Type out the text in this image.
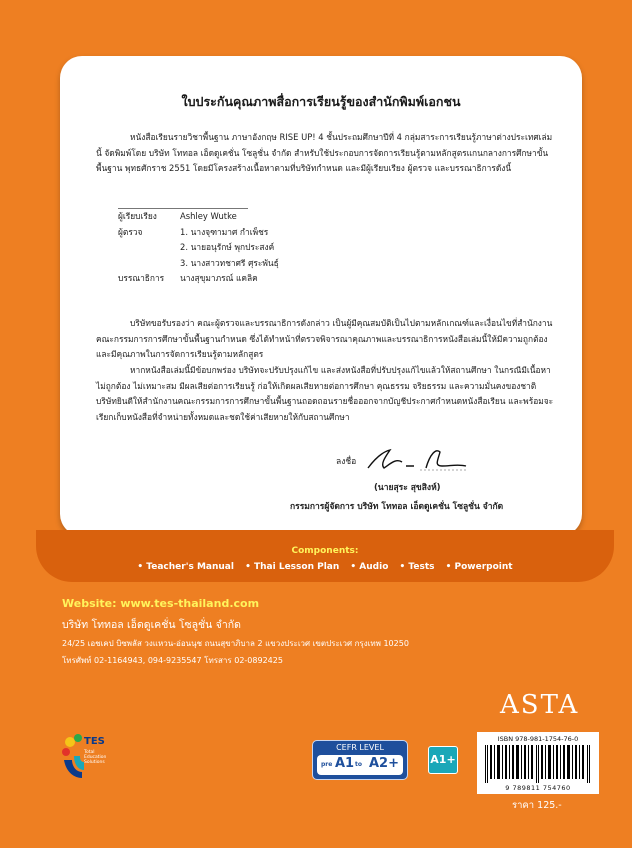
ใบประกันคุณภาพสื่อการเรียนรู้ของสำนักพิมพ์เอกชน
หนังสือเรียนรายวิชาพื้นฐาน ภาษาอังกฤษ RISE UP! 4 ชั้นประถมศึกษาปีที่ 4 กลุ่มสาระการเรียนรู้ภาษาต่างประเทศเล่มนี้ จัดพิมพ์โดย บริษัท โททอล เอ็ดดูเคชั่น โซลูชั่น จำกัด สำหรับใช้ประกอบการจัดการเรียนรู้ตามหลักสูตรแกนกลางการศึกษาขั้นพื้นฐาน พุทธศักราช 2551 โดยมีโครงสร้างเนื้อหาตามที่บริษัทกำหนด และมีผู้เรียบเรียง ผู้ตรวจ และบรรณาธิการดังนี้
ผู้เรียบเรียง	Ashley Wutke
ผู้ตรวจ	1. นางจุฑามาศ กำเพ็ชร
2. นายอนุรักษ์ พุกประสงค์
3. นางสาวทชาศรี ศุระพันธุ์
บรรณาธิการ	นางสุขุมาภรณ์ แคลิค
บริษัทขอรับรองว่า คณะผู้ตรวจและบรรณาธิการดังกล่าว เป็นผู้มีคุณสมบัติเป็นไปตามหลักเกณฑ์และเงื่อนไขที่สำนักงานคณะกรรมการการศึกษาขั้นพื้นฐานกำหนด ซึ่งได้ทำหน้าที่ตรวจพิจารณาคุณภาพและบรรณาธิการหนังสือเล่มนี้ให้มีความถูกต้องและมีคุณภาพในการจัดการเรียนรู้ตามหลักสูตร
หากหนังสือเล่มนี้มีข้อบกพร่อง บริษัทจะปรับปรุงแก้ไข และส่งหนังสือที่ปรับปรุงแก้ไขแล้วให้สถานศึกษา ในกรณีมีเนื้อหาไม่ถูกต้อง ไม่เหมาะสม มีผลเสียต่อการเรียนรู้ ก่อให้เกิดผลเสียหายต่อการศึกษา คุณธรรม จริยธรรม และความมั่นคงของชาติ บริษัทยินดีให้สำนักงานคณะกรรมการการศึกษาขั้นพื้นฐานถอดถอนรายชื่อออกจากบัญชีประกาศกำหนดหนังสือเรียน และพร้อมจะเรียกเก็บหนังสือที่จำหน่ายทั้งหมดและชดใช้ค่าเสียหายให้กับสถานศึกษา
ลงชื่อ
(นายสุระ สุขสิงห์)
กรรมการผู้จัดการ บริษัท โททอล เอ็ดดูเคชั่น โซลูชั่น จำกัด
Components:
• Teacher's Manual • Thai Lesson Plan • Audio • Tests • Powerpoint
Website: www.tes-thailand.com
บริษัท โททอล เอ็ดดูเคชั่น โซลูชั่น จำกัด
24/25 เอชเคป บิซพลัส วงแหวน-อ่อนนุช ถนนสุขาภิบาล 2 แขวงประเวศ เขตประเวศ กรุงเทพ 10250
โทรศัพท์ 02-1164943, 094-9235547 โทรสาร 02-0892425
TES
Total Education Solutions
ASTA
CEFR LEVEL
pre A1 to A2+	A1+
ISBN 978-981-1754-76-0
9 789811 754760
ราคา 125.-
